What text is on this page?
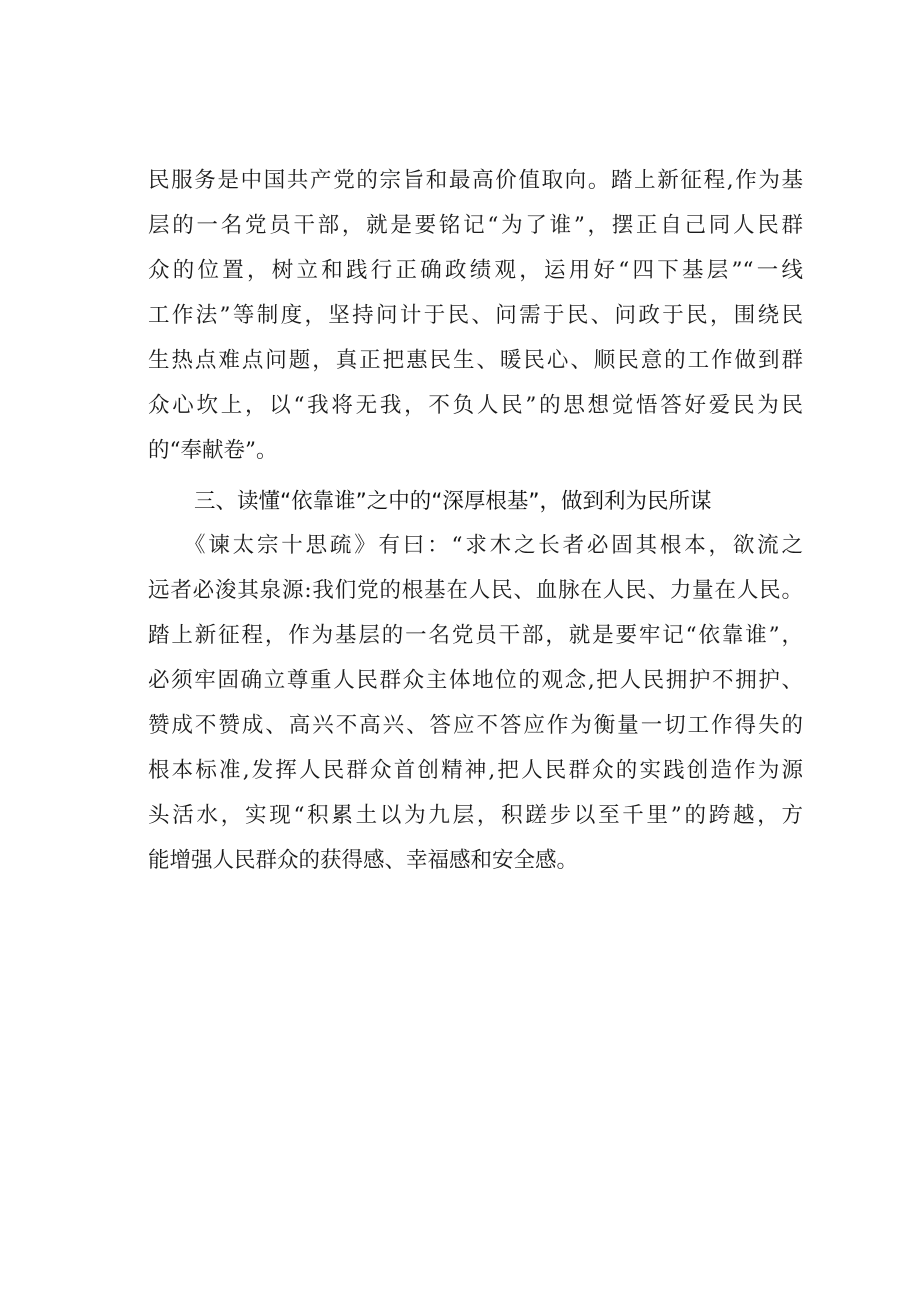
民服务是中国共产党的宗旨和最高价值取向。踏上新征程,作为基
层的一名党员干部，就是要铭记“为了谁”，摆正自己同人民群
众的位置，树立和践行正确政绩观，运用好“四下基层”“一线
工作法”等制度，坚持问计于民、问需于民、问政于民，围绕民
生热点难点问题，真正把惠民生、暖民心、顺民意的工作做到群
众心坎上，以“我将无我，不负人民”的思想觉悟答好爱民为民
的“奉献卷”。
三、读懂“依靠谁”之中的“深厚根基”，做到利为民所谋
《谏太宗十思疏》有曰：“求木之长者必固其根本，欲流之
远者必浚其泉源:我们党的根基在人民、血脉在人民、力量在人民。
踏上新征程，作为基层的一名党员干部，就是要牢记“依靠谁”，
必须牢固确立尊重人民群众主体地位的观念,把人民拥护不拥护、
赞成不赞成、高兴不高兴、答应不答应作为衡量一切工作得失的
根本标准,发挥人民群众首创精神,把人民群众的实践创造作为源
头活水，实现“积累土以为九层，积蹉步以至千里”的跨越，方
能增强人民群众的获得感、幸福感和安全感。
